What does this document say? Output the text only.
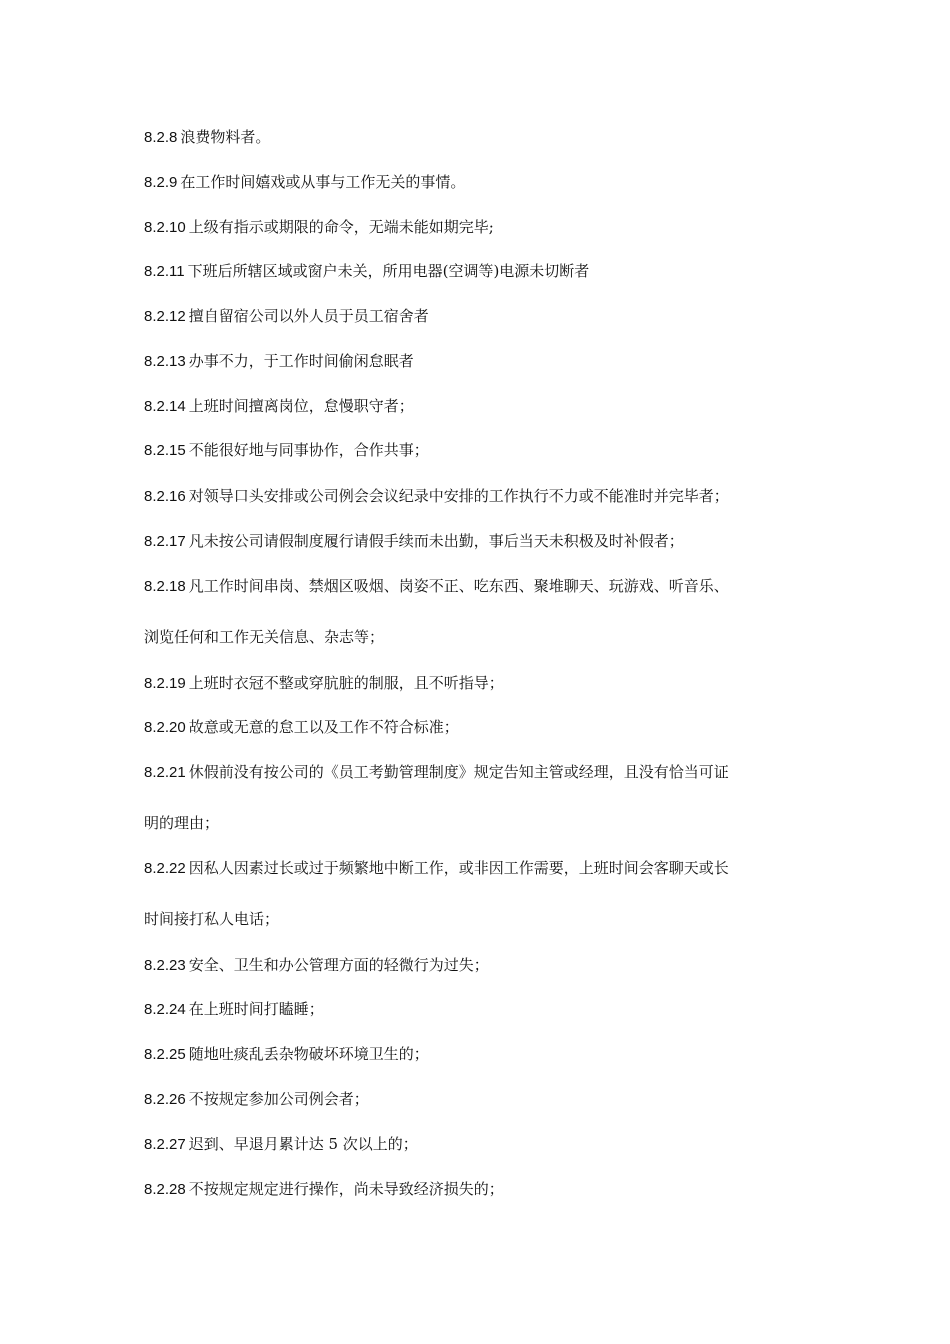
8.2.8 浪费物料者。
8.2.9 在工作时间嬉戏或从事与工作无关的事情。
8.2.10 上级有指示或期限的命令，无端未能如期完毕;
8.2.11 下班后所辖区域或窗户未关，所用电器(空调等)电源未切断者
8.2.12 擅自留宿公司以外人员于员工宿舍者
8.2.13 办事不力，于工作时间偷闲怠眠者
8.2.14 上班时间擅离岗位，怠慢职守者；
8.2.15 不能很好地与同事协作，合作共事；
8.2.16 对领导口头安排或公司例会会议纪录中安排的工作执行不力或不能准时并完毕者；
8.2.17 凡未按公司请假制度履行请假手续而未出勤，事后当天未积极及时补假者；
8.2.18 凡工作时间串岗、禁烟区吸烟、岗姿不正、吃东西、聚堆聊天、玩游戏、听音乐、
浏览任何和工作无关信息、杂志等；
8.2.19 上班时衣冠不整或穿肮脏的制服，且不听指导；
8.2.20 故意或无意的怠工以及工作不符合标准；
8.2.21 休假前没有按公司的《员工考勤管理制度》规定告知主管或经理，且没有恰当可证
明的理由；
8.2.22 因私人因素过长或过于频繁地中断工作，或非因工作需要，上班时间会客聊天或长
时间接打私人电话；
8.2.23 安全、卫生和办公管理方面的轻微行为过失；
8.2.24 在上班时间打瞌睡；
8.2.25 随地吐痰乱丢杂物破坏环境卫生的；
8.2.26 不按规定参加公司例会者；
8.2.27 迟到、早退月累计达 5 次以上的；
8.2.28 不按规定规定进行操作，尚未导致经济损失的；
